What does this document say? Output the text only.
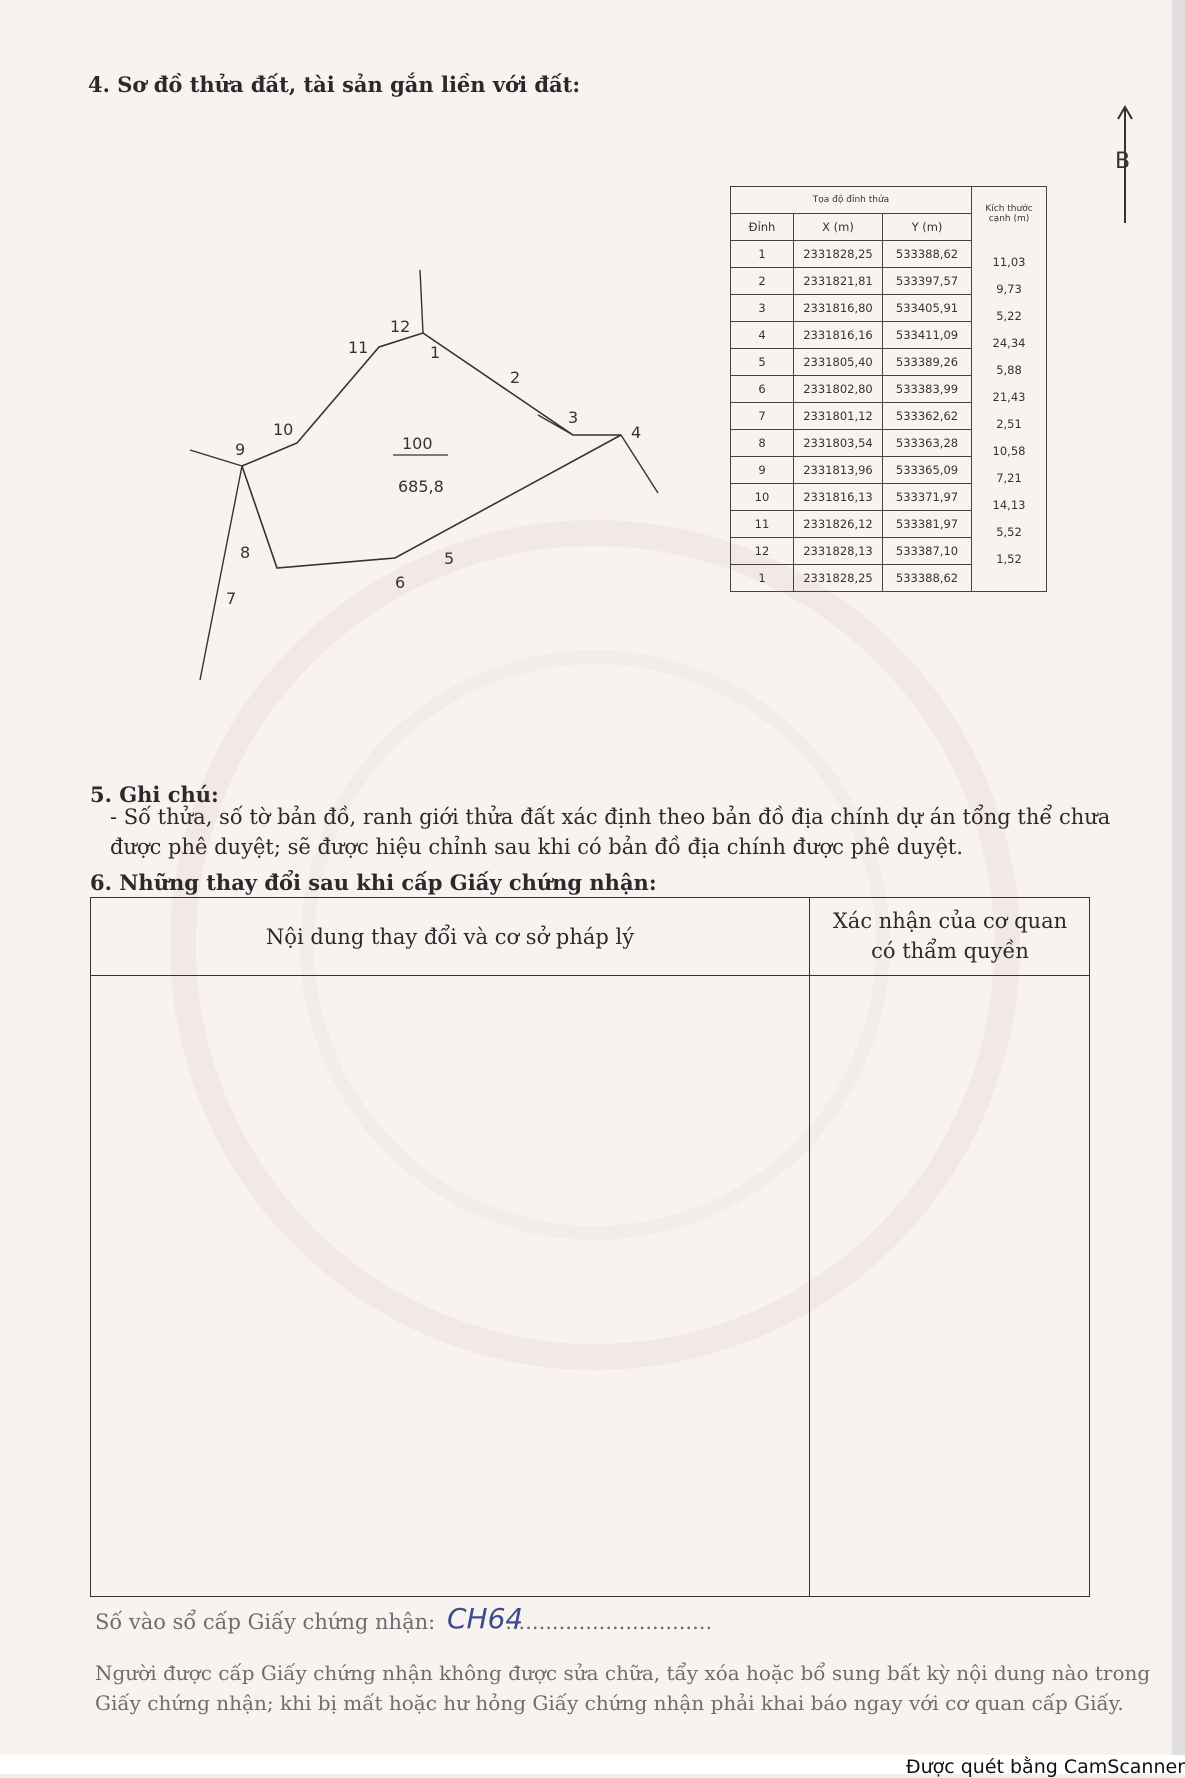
4. Sơ đồ thửa đất, tài sản gắn liền với đất:
B
100
685,8
1
2
3
4
5
6
7
8
9
10
11
12
Tọa độ đỉnh thửa			Kích thước cạnh (m)
Đỉnh	X (m)	Y (m)	
1	2331828,25	533388,62	11,03

2	2331821,81	533397,57	9,73

3	2331816,80	533405,91	5,22

4	2331816,16	533411,09	24,34

5	2331805,40	533389,26	5,88

6	2331802,80	533383,99	21,43

7	2331801,12	533362,62	2,51

8	2331803,54	533363,28	10,58

9	2331813,96	533365,09	7,21

10	2331816,13	533371,97	14,13

11	2331826,12	533381,97	5,52

12	2331828,13	533387,10	1,52

1	2331828,25	533388,62	
5. Ghi chú:
- Số thửa, số tờ bản đồ, ranh giới thửa đất xác định theo bản đồ địa chính dự án tổng thể chưa
được phê duyệt; sẽ được hiệu chỉnh sau khi có bản đồ địa chính được phê duyệt.
6. Những thay đổi sau khi cấp Giấy chứng nhận:
Nội dung thay đổi và cơ sở pháp lý
Xác nhận của cơ quan
có thẩm quyền
Số vào sổ cấp Giấy chứng nhận:	...............................
CH64
Người được cấp Giấy chứng nhận không được sửa chữa, tẩy xóa hoặc bổ sung bất kỳ nội dung nào trong
Giấy chứng nhận; khi bị mất hoặc hư hỏng Giấy chứng nhận phải khai báo ngay với cơ quan cấp Giấy.
Được quét bằng CamScanner
